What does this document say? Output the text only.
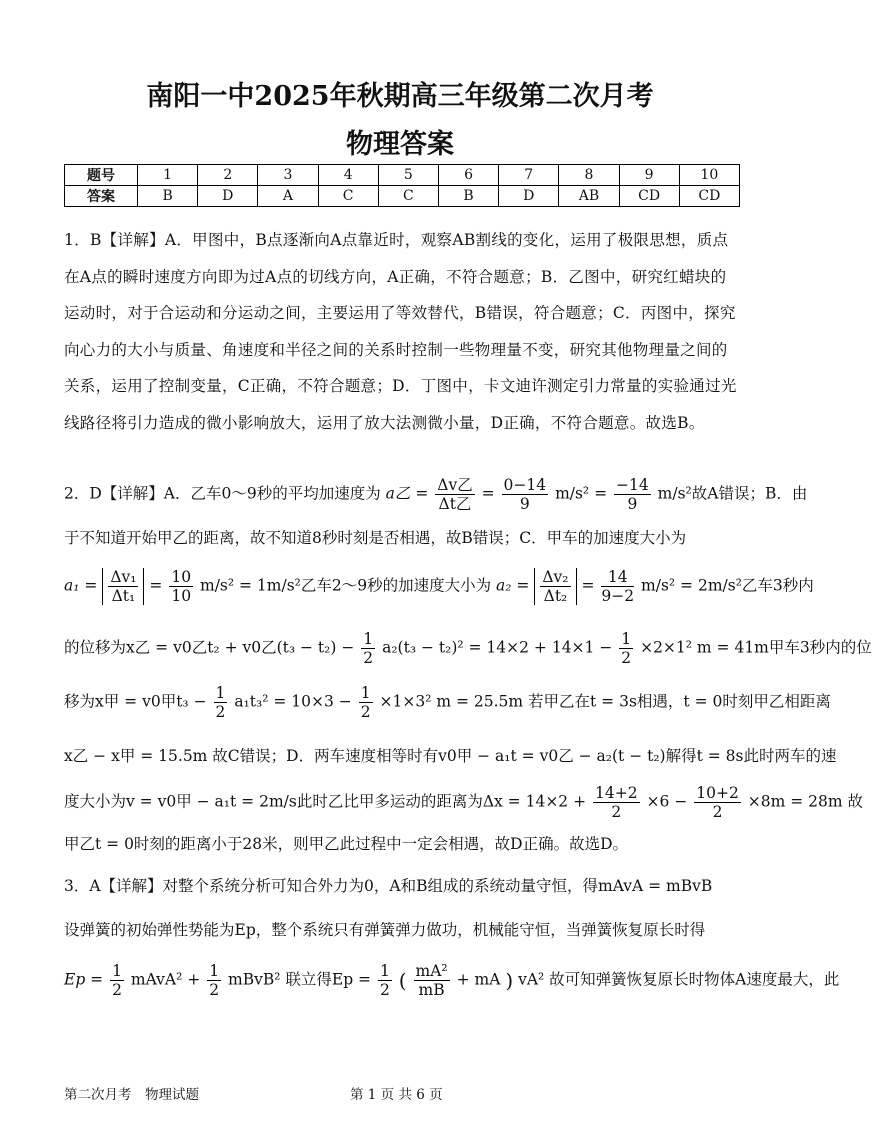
南阳一中2025年秋期高三年级第二次月考
物理答案
题号	1	2	3	4	5	6	7	8	9	10
答案	B	D	A	C	C	B	D	AB	CD	CD
1．B【详解】A．甲图中，B点逐渐向A点靠近时，观察AB割线的变化，运用了极限思想，质点在A点的瞬时速度方向即为过A点的切线方向，A正确，不符合题意；B．乙图中，研究红蜡块的运动时，对于合运动和分运动之间，主要运用了等效替代，B错误，符合题意；C．丙图中，探究向心力的大小与质量、角速度和半径之间的关系时控制一些物理量不变，研究其他物理量之间的关系，运用了控制变量，C正确，不符合题意；D．丁图中，卡文迪许测定引力常量的实验通过光线路径将引力造成的微小影响放大，运用了放大法测微小量，D正确，不符合题意。故选B。
2．D【详解】A．乙车0～9秒的平均加速度为 a乙 = $\frac{\text{Δv乙}}{\text{Δt乙}} = \frac{0-14}{9} m/s^2 = \frac{-14}{9} m/s^2$故A错误；B．由
于不知道开始甲乙的距离，故不知道8秒时刻是否相遇，故B错误；C．甲车的加速度大小为
$a_1 = \frac{\text{Δv₁}}{\text{Δt₁}} = \frac{10}{10} m/s^2 = 1m/s^2$乙车2～9秒的加速度大小为 $a_2 = \frac{\text{Δv₂}}{\text{Δt₂}} = \frac{14}{9-2} m/s^2 = 2m/s^2$乙车3秒内
的位移为x乙 = v0乙t₂ + v0乙$(t_3 - t_2) - \frac{1}{2} a_2(t_3 - t_2)^2 = 14\times 2 + 14\times 1 - \frac{1}{2} \times 2\times 1^2$ m = 41m甲车3秒内的位
移为x甲 = v0甲$t_3 - \frac{1}{2} a_1t_3^2 = 10\times 3 - \frac{1}{2} \times 1\times 3^2$ m = 25.5m 若甲乙在t = 3s相遇，t = 0时刻甲乙相距离
x乙 − x甲 = 15.5m 故C错误；D．两车速度相等时有v0甲 − a₁t = v0乙 − a₂(t − t₂)解得t = 8s此时两车的速
度大小为v = v0甲 − a₁t = 2m/s此时乙比甲多运动的距离为$\Delta x = 14\times 2 + \frac{14+2}{2} \times 6 - \frac{10+2}{2} \times 8m = 28m$ 故
甲乙t = 0时刻的距离小于28米，则甲乙此过程中一定会相遇，故D正确。故选D。
3．A【详解】对整个系统分析可知合外力为0，A和B组成的系统动量守恒，得mAvA = mBvB
设弹簧的初始弹性势能为Ep，整个系统只有弹簧弹力做功，机械能守恒，当弹簧恢复原长时得
$Ep = \frac{1}{2}$ mAvA² + $\frac{1}{2}$ mBvB² 联立得$Ep = \frac{1}{2}$ ( $\frac{\text{mA²}}{mB}$ + mA ) vA² 故可知弹簧恢复原长时物体A速度最大，此
第二次月考　物理试题	第 1 页 共 6 页
